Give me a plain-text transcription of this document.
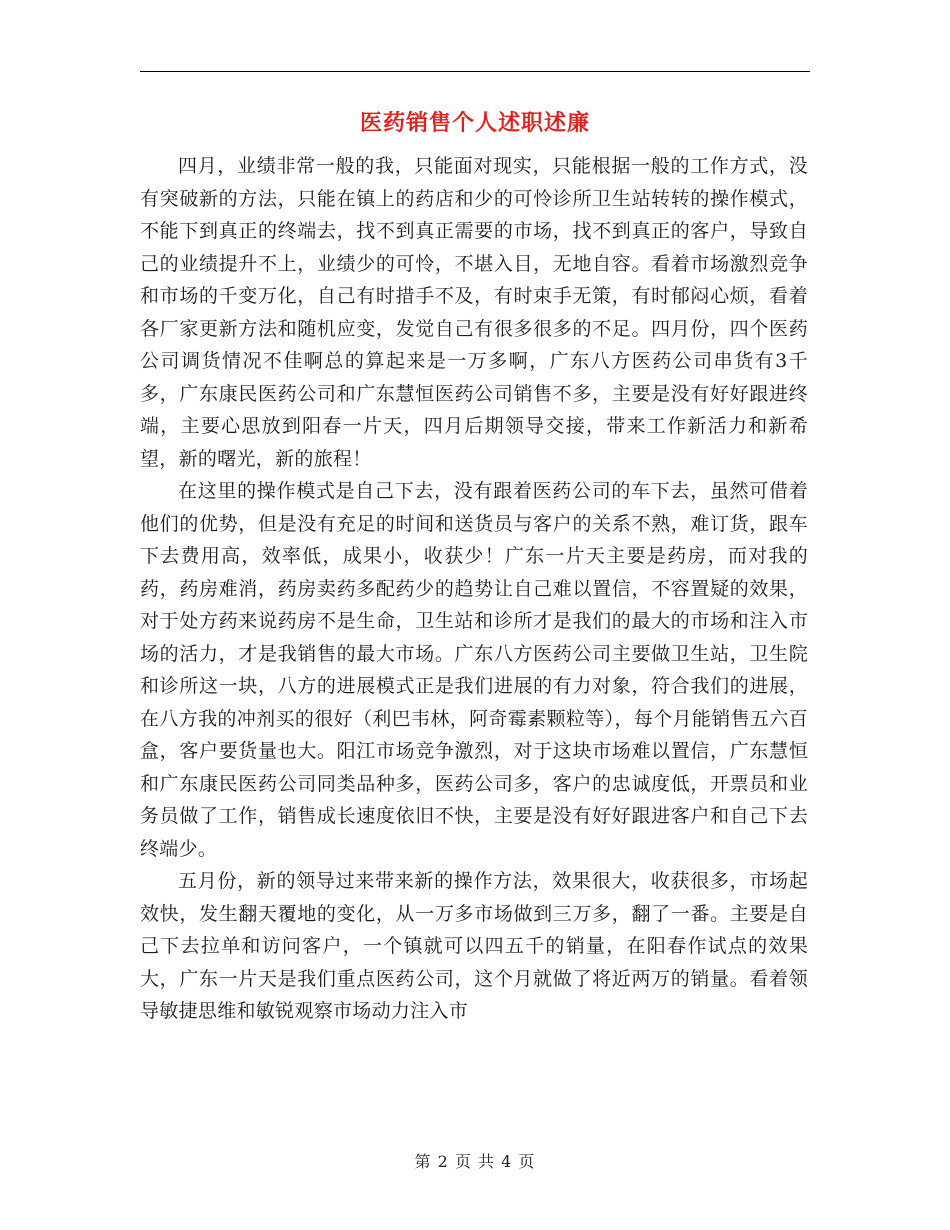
医药销售个人述职述廉

四月，业绩非常一般的我，只能面对现实，只能根据一般的工作方式，没有突破新的方法，只能在镇上的药店和少的可怜诊所卫生站转转的操作模式，不能下到真正的终端去，找不到真正需要的市场，找不到真正的客户，导致自己的业绩提升不上，业绩少的可怜，不堪入目，无地自容。看着市场激烈竞争和市场的千变万化，自己有时措手不及，有时束手无策，有时郁闷心烦，看着各厂家更新方法和随机应变，发觉自己有很多很多的不足。四月份，四个医药公司调货情况不佳啊总的算起来是一万多啊，广东八方医药公司串货有3千多，广东康民医药公司和广东慧恒医药公司销售不多，主要是没有好好跟进终端，主要心思放到阳春一片天，四月后期领导交接，带来工作新活力和新希望，新的曙光，新的旅程！

在这里的操作模式是自己下去，没有跟着医药公司的车下去，虽然可借着他们的优势，但是没有充足的时间和送货员与客户的关系不熟，难订货，跟车下去费用高，效率低，成果小，收获少！广东一片天主要是药房，而对我的药，药房难消，药房卖药多配药少的趋势让自己难以置信，不容置疑的效果，对于处方药来说药房不是生命，卫生站和诊所才是我们的最大的市场和注入市场的活力，才是我销售的最大市场。广东八方医药公司主要做卫生站，卫生院和诊所这一块，八方的进展模式正是我们进展的有力对象，符合我们的进展，在八方我的冲剂买的很好（利巴韦林，阿奇霉素颗粒等），每个月能销售五六百盒，客户要货量也大。阳江市场竞争激烈，对于这块市场难以置信，广东慧恒和广东康民医药公司同类品种多，医药公司多，客户的忠诚度低，开票员和业务员做了工作，销售成长速度依旧不快，主要是没有好好跟进客户和自己下去终端少。

五月份，新的领导过来带来新的操作方法，效果很大，收获很多，市场起效快，发生翻天覆地的变化，从一万多市场做到三万多，翻了一番。主要是自己下去拉单和访问客户，一个镇就可以四五千的销量，在阳春作试点的效果大，广东一片天是我们重点医药公司，这个月就做了将近两万的销量。看着领导敏捷思维和敏锐观察市场动力注入市

第 2 页 共 4 页
